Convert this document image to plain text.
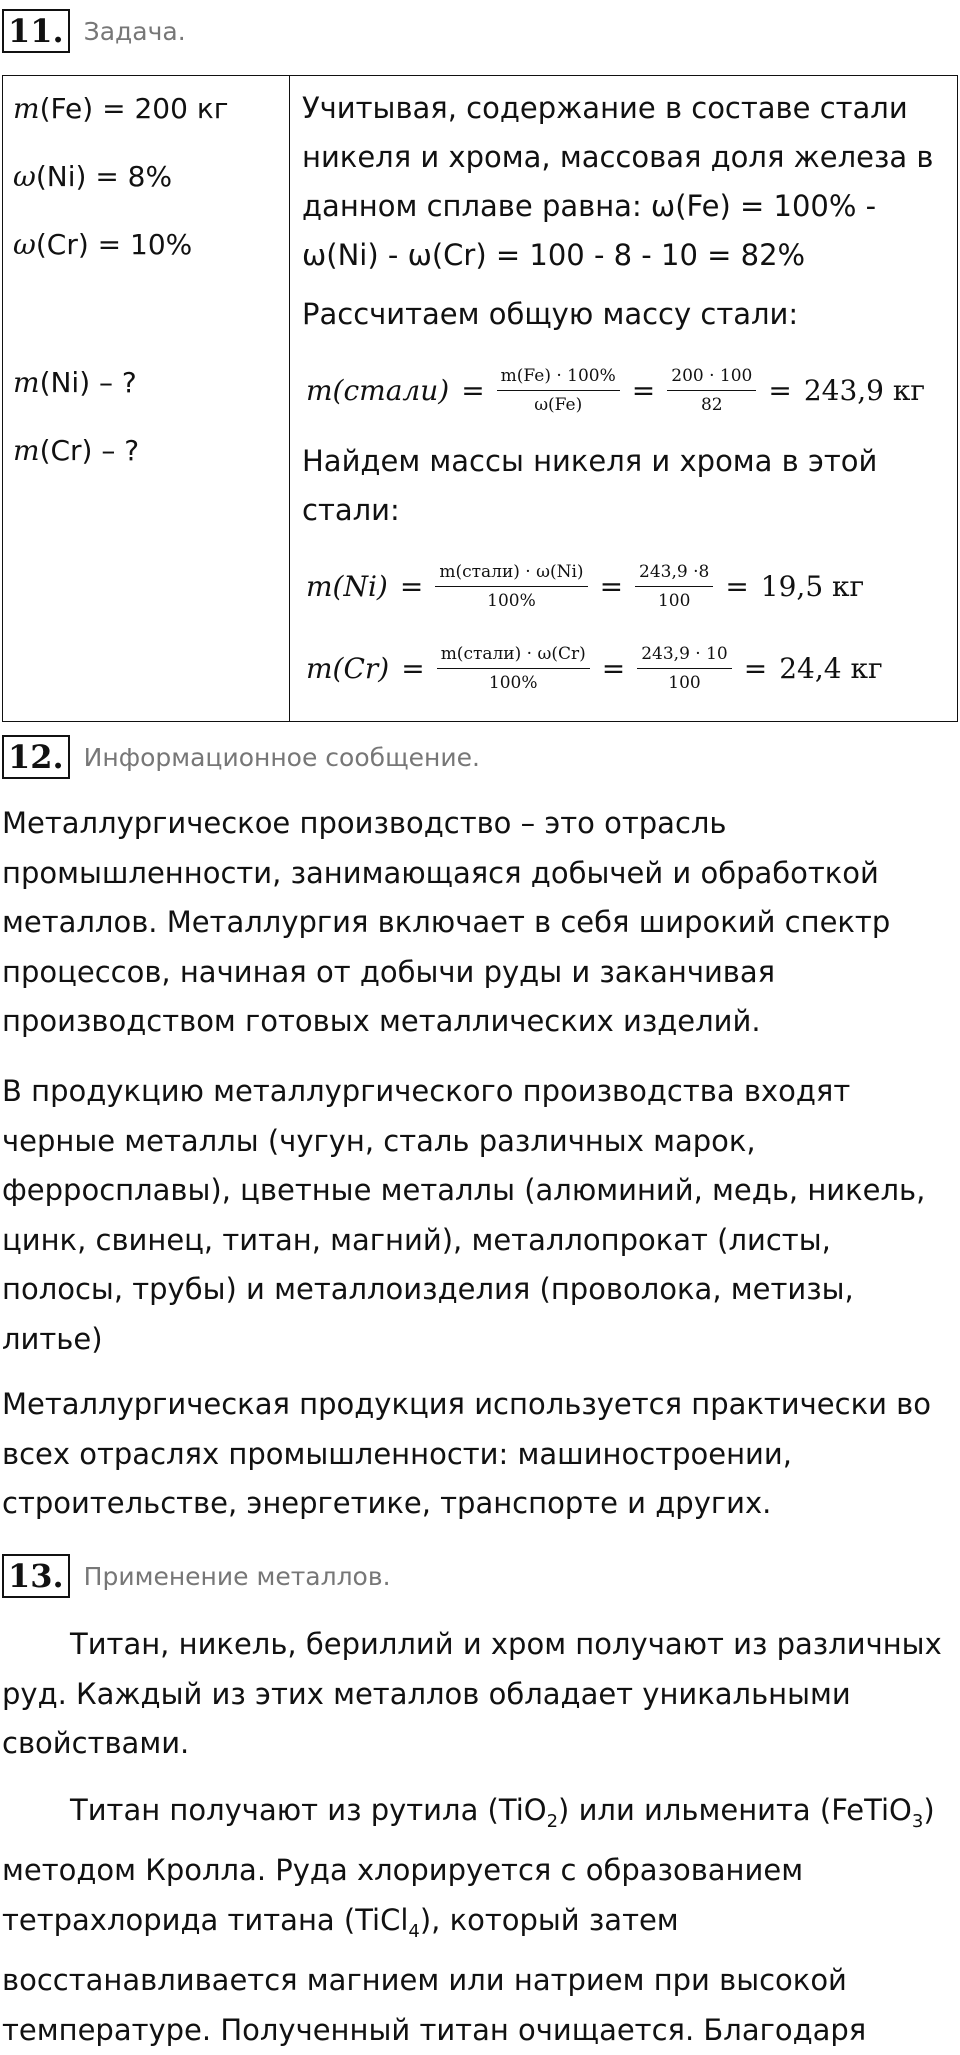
11. Задача.
m(Fe) = 200 кг
ω(Ni) = 8%
ω(Cr) = 10%
m(Ni) – ?
m(Cr) – ?

Учитывая, содержание в составе стали никеля и хрома, массовая доля железа в данном сплаве равна: ω(Fe) = 100% - ω(Ni) - ω(Cr) = 100 - 8 - 10 = 82%

Рассчитаем общую массу стали:

m(стали) = $\frac{m(Fe) \cdot 100\%}{\omega(Fe)} = \frac{200 \cdot 100}{82} = 243,9$ кг

Найдем массы никеля и хрома в этой стали:

$m(Ni) = \frac{\text{m(стали) · ω(Ni)}}{100\%} = \frac{243,9 \cdot 8}{100} = 19,5$ кг
$m(Cr) = \frac{\text{m(стали) · ω(Cr)}}{100\%} = \frac{243,9 \cdot 10}{100} = 24,4$ кг
12. Информационное сообщение.

Металлургическое производство – это отрасль промышленности, занимающаяся добычей и обработкой металлов. Металлургия включает в себя широкий спектр процессов, начиная от добычи руды и заканчивая производством готовых металлических изделий.

В продукцию металлургического производства входят черные металлы (чугун, сталь различных марок, ферросплавы), цветные металлы (алюминий, медь, никель, цинк, свинец, титан, магний), металлопрокат (листы, полосы, трубы) и металлоизделия (проволока, метизы, литье)

Металлургическая продукция используется практически во всех отраслях промышленности: машиностроении, строительстве, энергетике, транспорте и других.

13. Применение металлов.

Титан, никель, бериллий и хром получают из различных руд. Каждый из этих металлов обладает уникальными свойствами.

Титан получают из рутила (TiO$_2$) или ильменита (FeTiO$_3$) методом Кролла. Руда хлорируется с образованием тетрахлорида титана (TiCl$_4$), который затем восстанавливается магнием или натрием при высокой температуре. Полученный титан очищается. Благодаря
